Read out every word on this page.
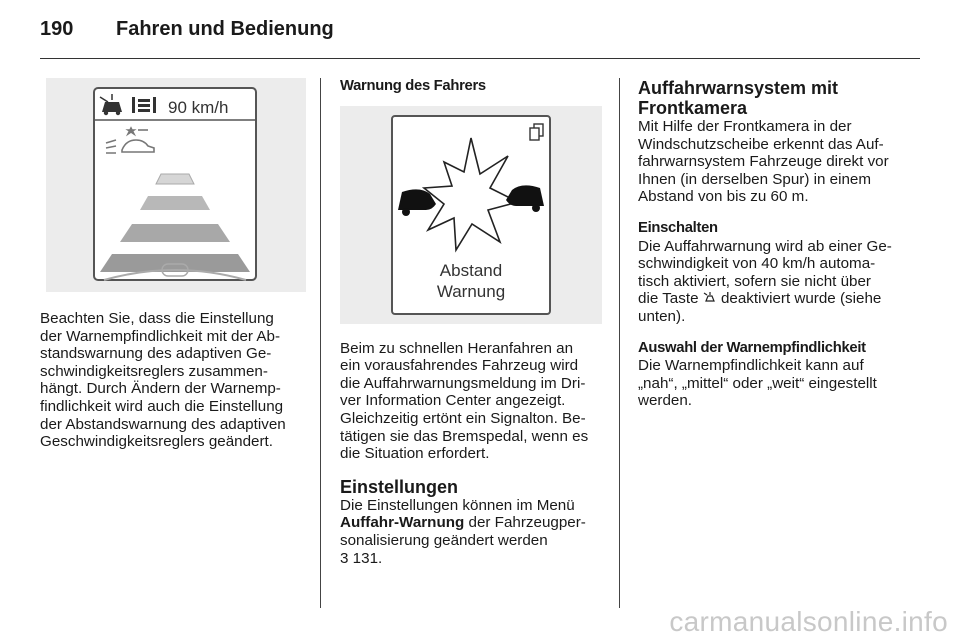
190 Fahren und Bedienung
90 km/h

Beachten Sie, dass die Einstellung
der Warnempfindlichkeit mit der Ab-
standswarnung des adaptiven Ge-
schwindigkeitsreglers zusammen-
hängt. Durch Ändern der Warnemp-
findlichkeit wird auch die Einstellung
der Abstandswarnung des adaptiven
Geschwindigkeitsreglers geändert.

Warnung des Fahrers
Abstand
Warnung

Beim zu schnellen Heranfahren an
ein vorausfahrendes Fahrzeug wird
die Auffahrwarnungsmeldung im Dri-
ver Information Center angezeigt.
Gleichzeitig ertönt ein Signalton. Be-
tätigen sie das Bremspedal, wenn es
die Situation erfordert.

Einstellungen

Die Einstellungen können im Menü
Auffahr-Warnung der Fahrzeugper-
sonalisierung geändert werden
3 131.

Auffahrwarnsystem mit
Frontkamera

Mit Hilfe der Frontkamera in der
Windschutzscheibe erkennt das Auf-
fahrwarnsystem Fahrzeuge direkt vor
Ihnen (in derselben Spur) in einem
Abstand von bis zu 60 m.

Einschalten

Die Auffahrwarnung wird ab einer Ge-
schwindigkeit von 40 km/h automa-
tisch aktiviert, sofern sie nicht über
die Taste  deaktiviert wurde (siehe
unten).

Auswahl der Warnempfindlichkeit

Die Warnempfindlichkeit kann auf
„nah“, „mittel“ oder „weit“ eingestellt
werden.

carmanualsonline.info
